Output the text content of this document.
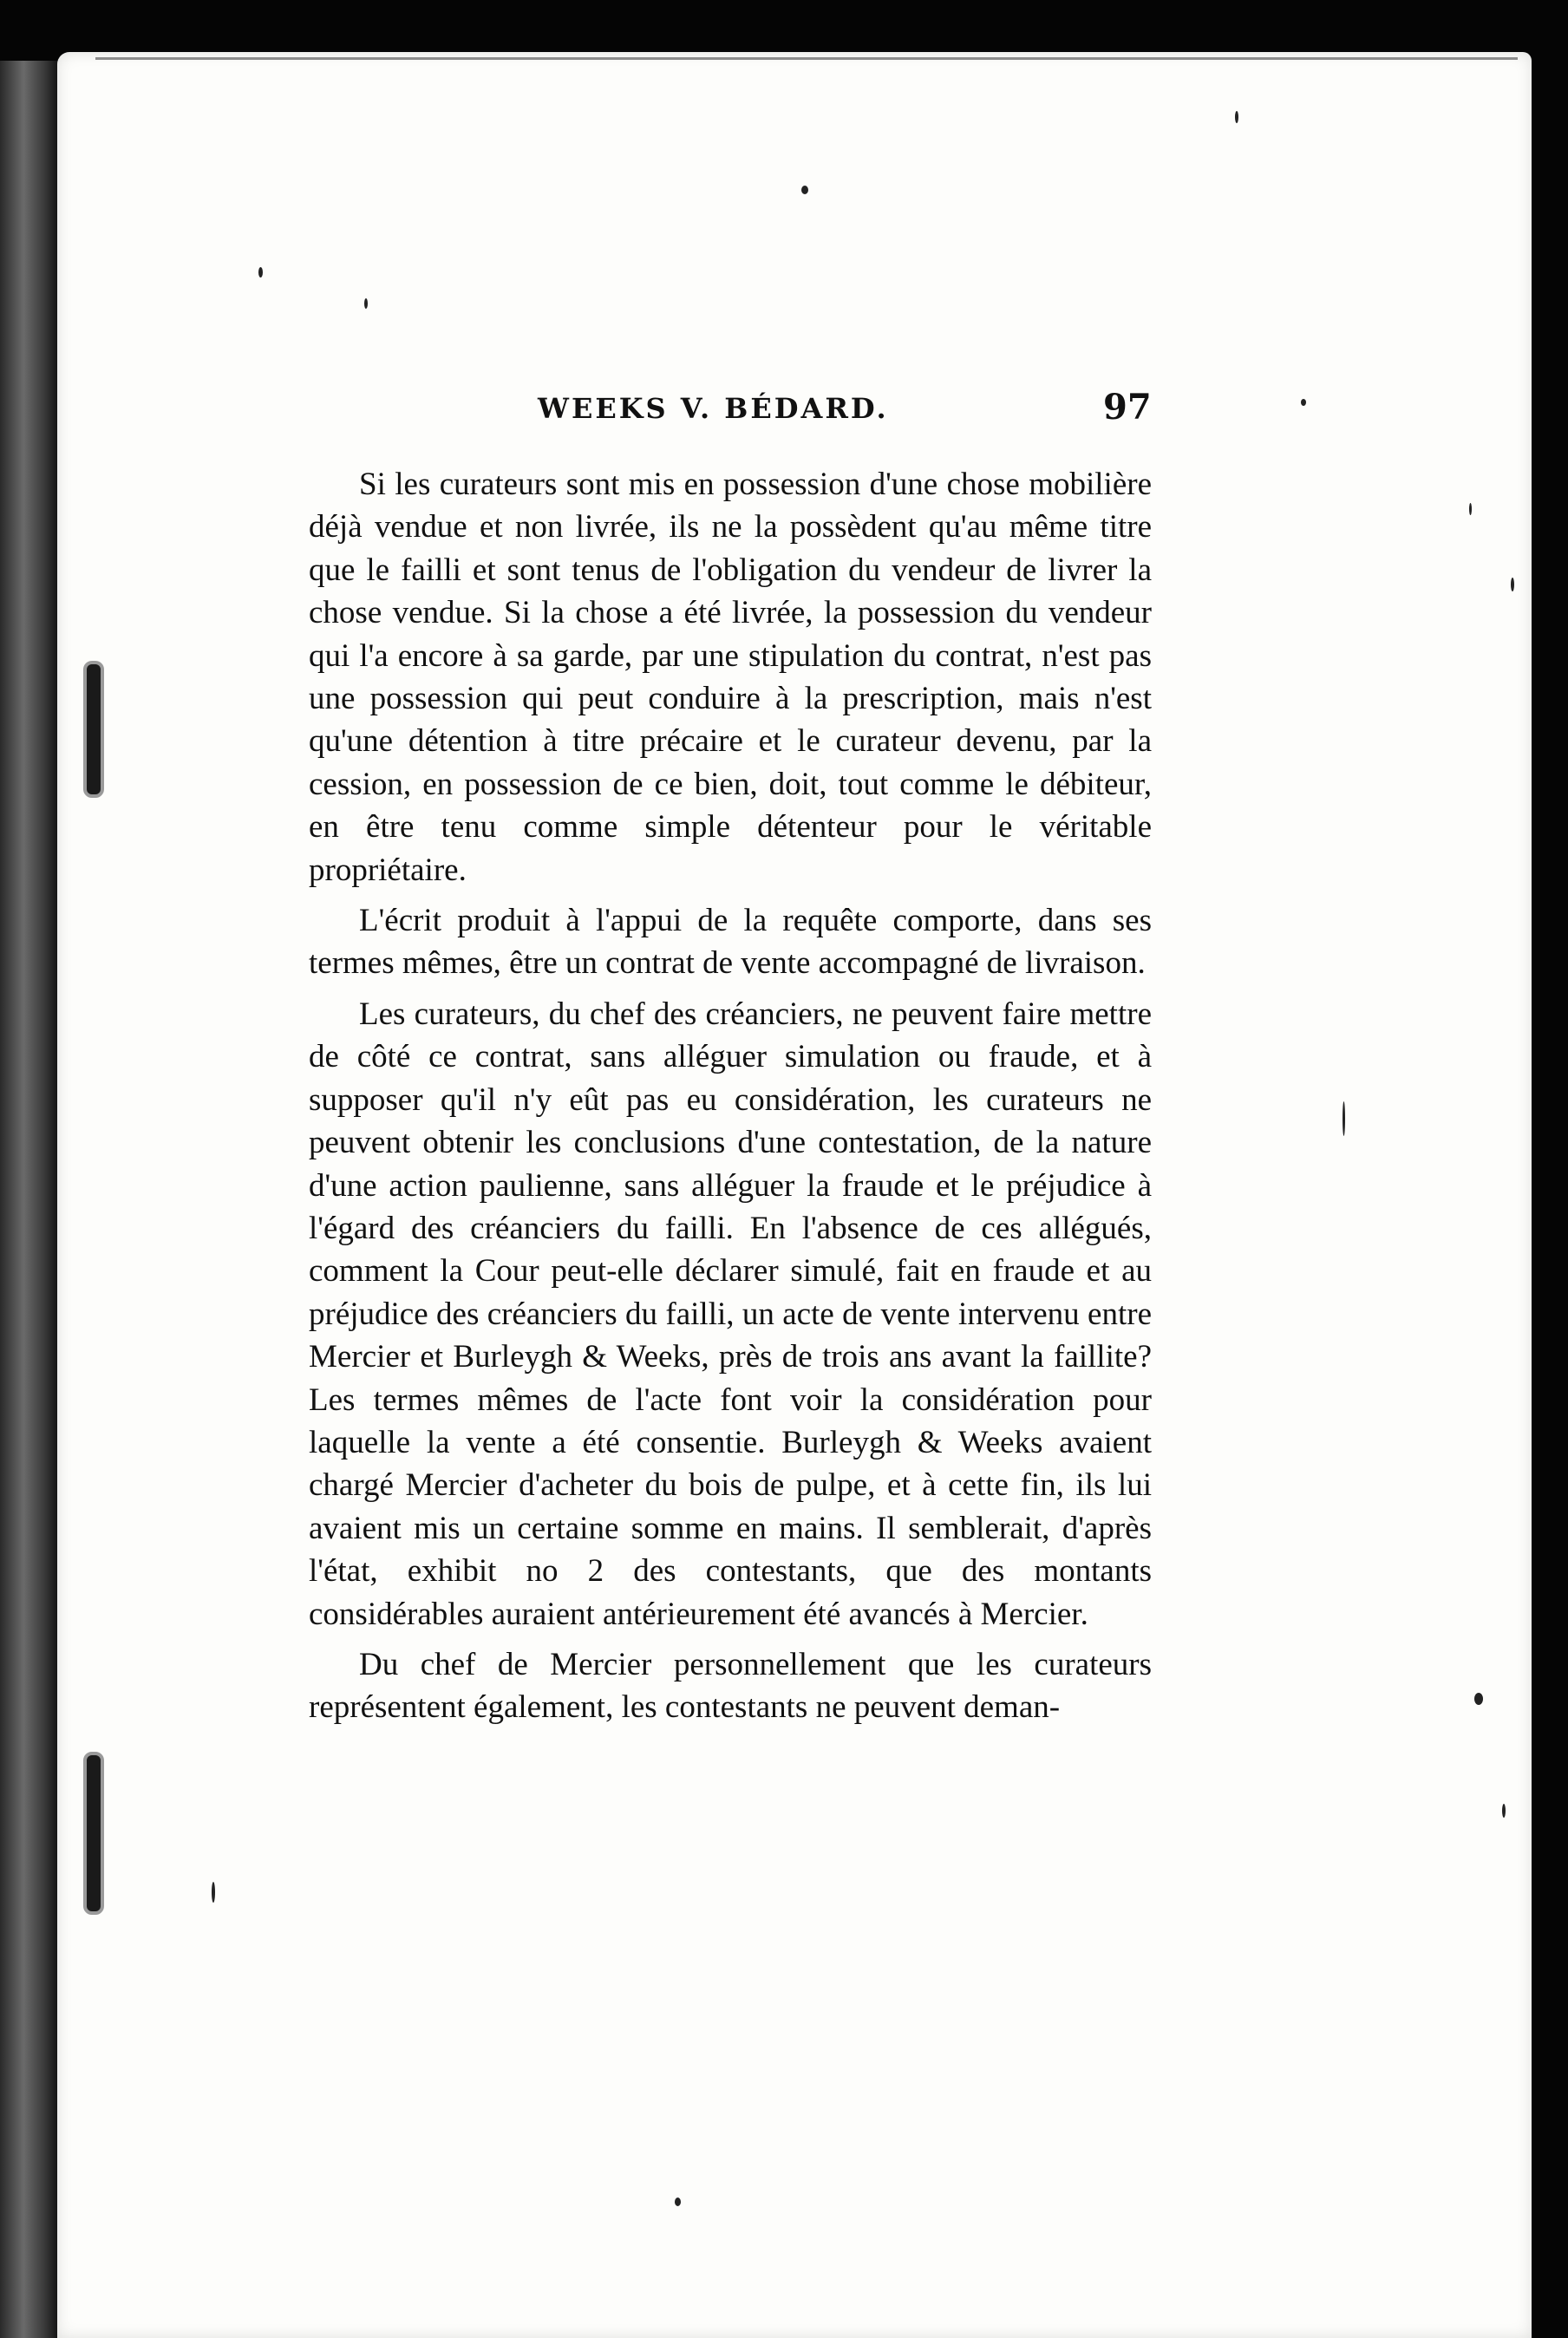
WEEKS V. BÉDARD.	97

Si les curateurs sont mis en possession d'une chose mobilière déjà vendue et non livrée, ils ne la possèdent qu'au même titre que le failli et sont tenus de l'obligation du vendeur de livrer la chose vendue. Si la chose a été livrée, la possession du vendeur qui l'a encore à sa garde, par une stipulation du contrat, n'est pas une possession qui peut conduire à la prescription, mais n'est qu'une détention à titre précaire et le curateur devenu, par la cession, en possession de ce bien, doit, tout comme le débiteur, en être tenu comme simple détenteur pour le véritable propriétaire.

L'écrit produit à l'appui de la requête comporte, dans ses termes mêmes, être un contrat de vente accompagné de livraison.

Les curateurs, du chef des créanciers, ne peuvent faire mettre de côté ce contrat, sans alléguer simulation ou fraude, et à supposer qu'il n'y eût pas eu considération, les curateurs ne peuvent obtenir les conclusions d'une contestation, de la nature d'une action paulienne, sans alléguer la fraude et le préjudice à l'égard des créanciers du failli. En l'absence de ces allégués, comment la Cour peut-elle déclarer simulé, fait en fraude et au préjudice des créanciers du failli, un acte de vente intervenu entre Mercier et Burleygh & Weeks, près de trois ans avant la faillite? Les termes mêmes de l'acte font voir la considération pour laquelle la vente a été consentie. Burleygh & Weeks avaient chargé Mercier d'acheter du bois de pulpe, et à cette fin, ils lui avaient mis un certaine somme en mains. Il semblerait, d'après l'état, exhibit no 2 des contestants, que des montants considérables auraient antérieurement été avancés à Mercier.

Du chef de Mercier personnellement que les curateurs représentent également, les contestants ne peuvent deman-
